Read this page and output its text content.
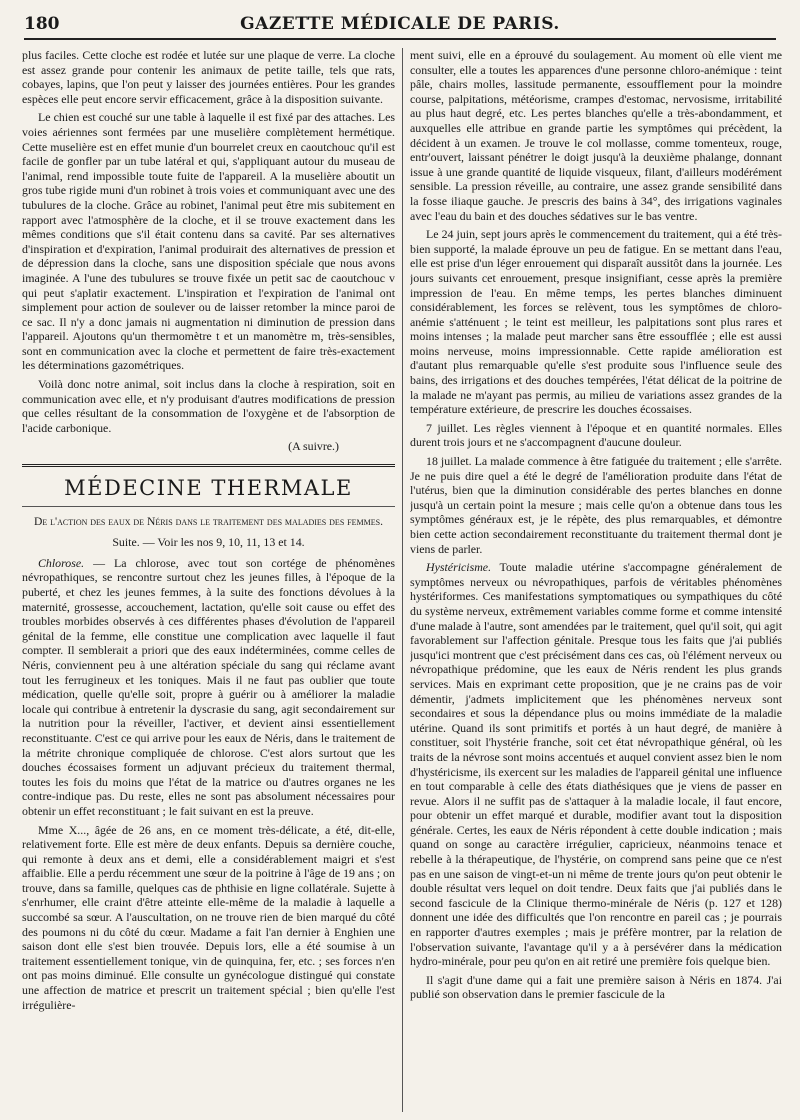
180	GAZETTE MÉDICALE DE PARIS.

plus faciles. Cette cloche est rodée et lutée sur une plaque de verre. La cloche est assez grande pour contenir les animaux de petite taille, tels que rats, cobayes, lapins, que l'on peut y laisser des journées entières. Pour les grandes espèces elle peut encore servir efficacement, grâce à la disposition suivante.

Le chien est couché sur une table à laquelle il est fixé par des attaches. Les voies aériennes sont fermées par une muselière complètement hermétique. Cette muselière est en effet munie d'un bourrelet creux en caoutchouc qu'il est facile de gonfler par un tube latéral et qui, s'appliquant autour du museau de l'animal, rend impossible toute fuite de l'appareil. A la muselière aboutit un gros tube rigide muni d'un robinet à trois voies et communiquant avec une des tubulures de la cloche. Grâce au robinet, l'animal peut être mis subitement en rapport avec l'atmosphère de la cloche, et il se trouve exactement dans les mêmes conditions que s'il était contenu dans sa cavité. Par ses alternatives d'inspiration et d'expiration, l'animal produirait des alternatives de pression et de dépression dans la cloche, sans une disposition spéciale que nous avons imaginée. A l'une des tubulures se trouve fixée un petit sac de caoutchouc v qui peut s'aplatir exactement. L'inspiration et l'expiration de l'animal ont simplement pour action de soulever ou de laisser retomber la mince paroi de ce sac. Il n'y a donc jamais ni augmentation ni diminution de pression dans l'appareil. Ajoutons qu'un thermomètre t et un manomètre m, très-sensibles, sont en communication avec la cloche et permettent de faire très-exactement les déterminations gazométriques.

Voilà donc notre animal, soit inclus dans la cloche à respiration, soit en communication avec elle, et n'y produisant d'autres modifications de pression que celles résultant de la consommation de l'oxygène et de l'absorption de l'acide carbonique.

(A suivre.)

MÉDECINE THERMALE

De l'action des eaux de Néris dans le traitement des maladies des femmes.

Suite. — Voir les nos 9, 10, 11, 13 et 14.

Chlorose. — La chlorose, avec tout son cortége de phénomènes névropathiques, se rencontre surtout chez les jeunes filles, à l'époque de la puberté, et chez les jeunes femmes, à la suite des fonctions dévolues à la maternité, grossesse, accouchement, lactation, qu'elle soit cause ou effet des troubles morbides observés à ces différentes phases d'évolution de l'appareil génital de la femme, elle constitue une complication avec laquelle il faut compter. Il semblerait a priori que des eaux indéterminées, comme celles de Néris, conviennent peu à une altération spéciale du sang qui réclame avant tout les ferrugineux et les toniques. Mais il ne faut pas oublier que toute médication, quelle qu'elle soit, propre à guérir ou à améliorer la maladie locale qui contribue à entretenir la dyscrasie du sang, agit secondairement sur la nutrition pour la réveiller, l'activer, et devient ainsi essentiellement reconstituante. C'est ce qui arrive pour les eaux de Néris, dans le traitement de la métrite chronique compliquée de chlorose. C'est alors surtout que les douches écossaises forment un adjuvant précieux du traitement thermal, toutes les fois du moins que l'état de la matrice ou d'autres organes ne les contre-indique pas. Du reste, elles ne sont pas absolument nécessaires pour obtenir un effet reconstituant ; le fait suivant en est la preuve.

Mme X..., âgée de 26 ans, en ce moment très-délicate, a été, dit-elle, relativement forte. Elle est mère de deux enfants. Depuis sa dernière couche, qui remonte à deux ans et demi, elle a considérablement maigri et s'est affaiblie. Elle a perdu récemment une sœur de la poitrine à l'âge de 19 ans ; on trouve, dans sa famille, quelques cas de phthisie en ligne collatérale. Sujette à s'enrhumer, elle craint d'être atteinte elle-même de la maladie à laquelle a succombé sa sœur. A l'auscultation, on ne trouve rien de bien marqué du côté des poumons ni du côté du cœur. Madame a fait l'an dernier à Enghien une saison dont elle s'est bien trouvée. Depuis lors, elle a été soumise à un traitement essentiellement tonique, vin de quinquina, fer, etc. ; ses forces n'en ont pas moins diminué. Elle consulte un gynécologue distingué qui constate une affection de matrice et prescrit un traitement spécial ; bien qu'elle l'est irrégulière-

ment suivi, elle en a éprouvé du soulagement. Au moment où elle vient me consulter, elle a toutes les apparences d'une personne chloro-anémique : teint pâle, chairs molles, lassitude permanente, essoufflement pour la moindre course, palpitations, météorisme, crampes d'estomac, nervosisme, irritabilité au plus haut degré, etc. Les pertes blanches qu'elle a très-abondamment, et auxquelles elle attribue en grande partie les symptômes qui précèdent, la décident à un examen. Je trouve le col mollasse, comme tomenteux, rouge, entr'ouvert, laissant pénétrer le doigt jusqu'à la deuxième phalange, donnant issue à une grande quantité de liquide visqueux, filant, d'ailleurs modérément sensible. La pression réveille, au contraire, une assez grande sensibilité dans la fosse iliaque gauche. Je prescris des bains à 34°, des irrigations vaginales avec l'eau du bain et des douches sédatives sur le bas ventre.

Le 24 juin, sept jours après le commencement du traitement, qui a été très-bien supporté, la malade éprouve un peu de fatigue. En se mettant dans l'eau, elle est prise d'un léger enrouement qui disparaît aussitôt dans la journée. Les jours suivants cet enrouement, presque insignifiant, cesse après la première impression de l'eau. En même temps, les pertes blanches diminuent considérablement, les forces se relèvent, tous les symptômes de chloro-anémie s'atténuent ; le teint est meilleur, les palpitations sont plus rares et moins intenses ; la malade peut marcher sans être essoufflée ; elle est aussi moins nerveuse, moins impressionnable. Cette rapide amélioration est d'autant plus remarquable qu'elle s'est produite sous l'influence seule des bains, des irrigations et des douches tempérées, l'état délicat de la poitrine de la malade ne m'ayant pas permis, au milieu de variations assez grandes de la température extérieure, de prescrire les douches écossaises.

7 juillet. Les règles viennent à l'époque et en quantité normales. Elles durent trois jours et ne s'accompagnent d'aucune douleur.

18 juillet. La malade commence à être fatiguée du traitement ; elle s'arrête. Je ne puis dire quel a été le degré de l'amélioration produite dans l'état de l'utérus, bien que la diminution considérable des pertes blanches en donne jusqu'à un certain point la mesure ; mais celle qu'on a obtenue dans tous les symptômes généraux est, je le répète, des plus remarquables, et démontre bien cette action secondairement reconstituante du traitement thermal dont je viens de parler.

Hystéricisme. Toute maladie utérine s'accompagne généralement de symptômes nerveux ou névropathiques, parfois de véritables phénomènes hystériformes. Ces manifestations symptomatiques ou sympathiques du côté du système nerveux, extrêmement variables comme forme et comme intensité d'une malade à l'autre, sont amendées par le traitement, quel qu'il soit, qui agit favorablement sur l'affection génitale. Presque tous les faits que j'ai publiés jusqu'ici montrent que c'est précisément dans ces cas, où l'élément nerveux ou névropathique prédomine, que les eaux de Néris rendent les plus grands services. Mais en exprimant cette proposition, que je ne crains pas de voir démentir, j'admets implicitement que les phénomènes nerveux sont secondaires et sous la dépendance plus ou moins immédiate de la maladie utérine. Quand ils sont primitifs et portés à un haut degré, de manière à constituer, soit l'hystérie franche, soit cet état névropathique général, où les traits de la névrose sont moins accentués et auquel convient assez bien le nom d'hystéricisme, ils exercent sur les maladies de l'appareil génital une influence en tout comparable à celle des états diathésiques que je viens de passer en revue. Alors il ne suffit pas de s'attaquer à la maladie locale, il faut encore, pour obtenir un effet marqué et durable, modifier avant tout la disposition générale. Certes, les eaux de Néris répondent à cette double indication ; mais quand on songe au caractère irrégulier, capricieux, néanmoins tenace et rebelle à la thérapeutique, de l'hystérie, on comprend sans peine que ce n'est pas en une saison de vingt-et-un ni même de trente jours qu'on peut obtenir le double résultat vers lequel on doit tendre. Deux faits que j'ai publiés dans le second fascicule de la Clinique thermo-minérale de Néris (p. 127 et 128) donnent une idée des difficultés que l'on rencontre en pareil cas ; je pourrais en rapporter d'autres exemples ; mais je préfère montrer, par la relation de l'observation suivante, l'avantage qu'il y a à persévérer dans la médication hydro-minérale, pour peu qu'on en ait retiré une première fois quelque bien.

Il s'agit d'une dame qui a fait une première saison à Néris en 1874. J'ai publié son observation dans le premier fascicule de la
